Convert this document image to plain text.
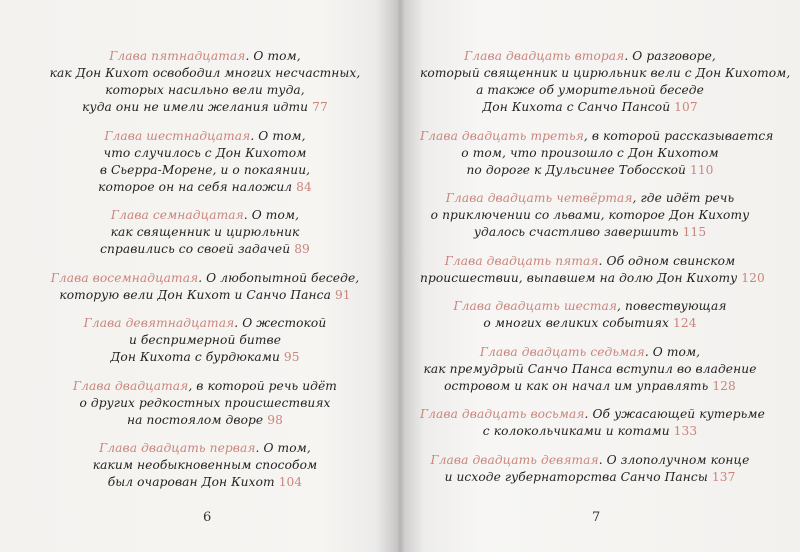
Глава пятнадцатая. О том,
как Дон Кихот освободил многих несчастных,
которых насильно вели туда,
куда они не имели желания идти 77
Глава шестнадцатая. О том,
что случилось с Дон Кихотом
в Сьерра-Морене, и о покаянии,
которое он на себя наложил 84
Глава семнадцатая. О том,
как священник и цирюльник
справились со своей задачей 89
Глава восемнадцатая. О любопытной беседе,
которую вели Дон Кихот и Санчо Панса 91
Глава девятнадцатая. О жестокой
и беспримерной битве
Дон Кихота с бурдюками 95
Глава двадцатая, в которой речь идёт
о других редкостных происшествиях
на постоялом дворе 98
Глава двадцать первая. О том,
каким необыкновенным способом
был очарован Дон Кихот 104
6
Глава двадцать вторая. О разговоре,
который священник и цирюльник вели с Дон Кихотом,
а также об уморительной беседе
Дон Кихота с Санчо Пансой 107
Глава двадцать третья, в которой рассказывается
о том, что произошло с Дон Кихотом
по дороге к Дульсинее Тобосской 110
Глава двадцать четвёртая, где идёт речь
о приключении со львами, которое Дон Кихоту
удалось счастливо завершить 115
Глава двадцать пятая. Об одном свинском
происшествии, выпавшем на долю Дон Кихоту 120
Глава двадцать шестая, повествующая
о многих великих событиях 124
Глава двадцать седьмая. О том,
как премудрый Санчо Панса вступил во владение
островом и как он начал им управлять 128
Глава двадцать восьмая. Об ужасающей кутерьме
с колокольчиками и котами 133
Глава двадцать девятая. О злополучном конце
и исходе губернаторства Санчо Пансы 137
7
